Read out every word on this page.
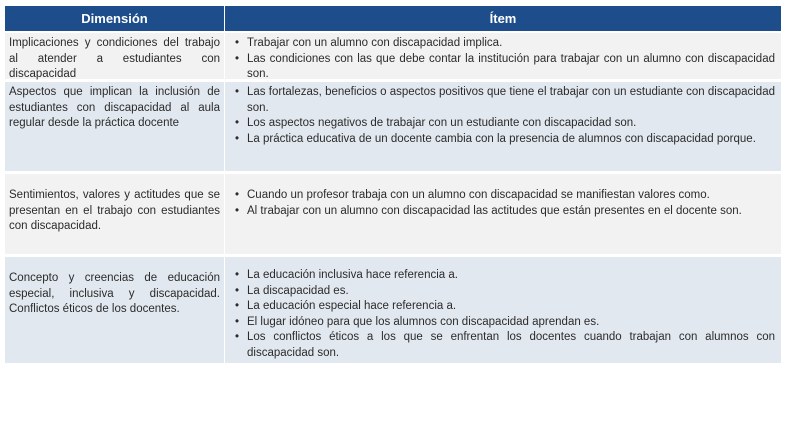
Dimensión	Ítem
Implicaciones y condiciones del trabajo al atender a estudiantes con discapacidad
• Trabajar con un alumno con discapacidad implica.
• Las condiciones con las que debe contar la institución para trabajar con un alumno con discapacidad son.
Aspectos que implican la inclusión de estudiantes con discapacidad al aula regular desde la práctica docente
• Las fortalezas, beneficios o aspectos positivos que tiene el trabajar con un estudiante con discapacidad son.
• Los aspectos negativos de trabajar con un estudiante con discapacidad son.
• La práctica educativa de un docente cambia con la presencia de alumnos con discapacidad porque.
Sentimientos, valores y actitudes que se presentan en el trabajo con estudiantes con discapacidad.
• Cuando un profesor trabaja con un alumno con discapacidad se manifiestan valores como.
• Al trabajar con un alumno con discapacidad las actitudes que están presentes en el docente son.
Concepto y creencias de educación especial, inclusiva y discapacidad. Conflictos éticos de los docentes.
• La educación inclusiva hace referencia a.
• La discapacidad es.
• La educación especial hace referencia a.
• El lugar idóneo para que los alumnos con discapacidad aprendan es.
• Los conflictos éticos a los que se enfrentan los docentes cuando trabajan con alumnos con discapacidad son.
